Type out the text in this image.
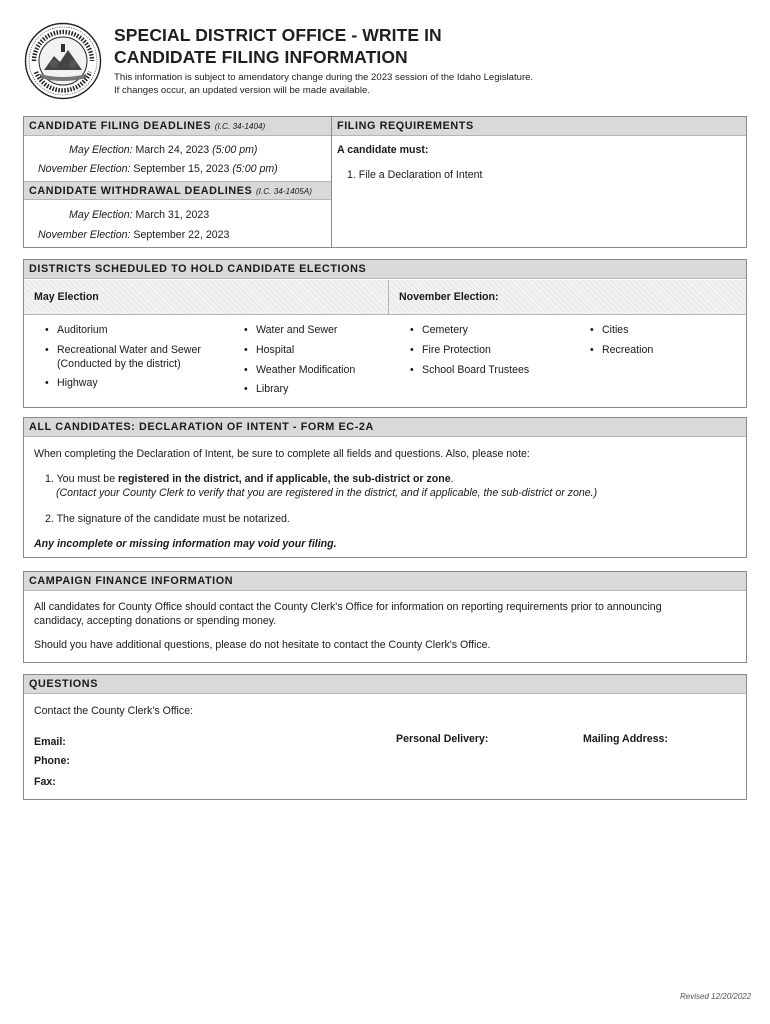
SPECIAL DISTRICT OFFICE - WRITE IN
CANDIDATE FILING INFORMATION
This information is subject to amendatory change during the 2023 session of the Idaho Legislature.
If changes occur, an updated version will be made available.
CANDIDATE FILING DEADLINES (I.C. 34-1404)	FILING REQUIREMENTS
May Election: March 24, 2023 (5:00 pm)
November Election: September 15, 2023 (5:00 pm)
CANDIDATE WITHDRAWAL DEADLINES (I.C. 34-1405A)
May Election: March 31, 2023
November Election: September 22, 2023
A candidate must:
1. File a Declaration of Intent
DISTRICTS SCHEDULED TO HOLD CANDIDATE ELECTIONS
May Election	November Election:
• Auditorium
• Recreational Water and Sewer
(Conducted by the district)
• Highway
• Water and Sewer
• Hospital
• Weather Modification
• Library
• Cemetery
• Fire Protection
• School Board Trustees
• Cities
• Recreation
ALL CANDIDATES: DECLARATION OF INTENT - FORM EC-2A
When completing the Declaration of Intent, be sure to complete all fields and questions. Also, please note:
1. You must be registered in the district, and if applicable, the sub-district or zone.
(Contact your County Clerk to verify that you are registered in the district, and if applicable, the sub-district or zone.)
2. The signature of the candidate must be notarized.
Any incomplete or missing information may void your filing.
CAMPAIGN FINANCE INFORMATION
All candidates for County Office should contact the County Clerk's Office for information on reporting requirements prior to announcing
candidacy, accepting donations or spending money.
Should you have additional questions, please do not hesitate to contact the County Clerk's Office.
QUESTIONS
Contact the County Clerk's Office:
Email:
Phone:
Fax:
Personal Delivery:	Mailing Address:
Revised 12/20/2022
